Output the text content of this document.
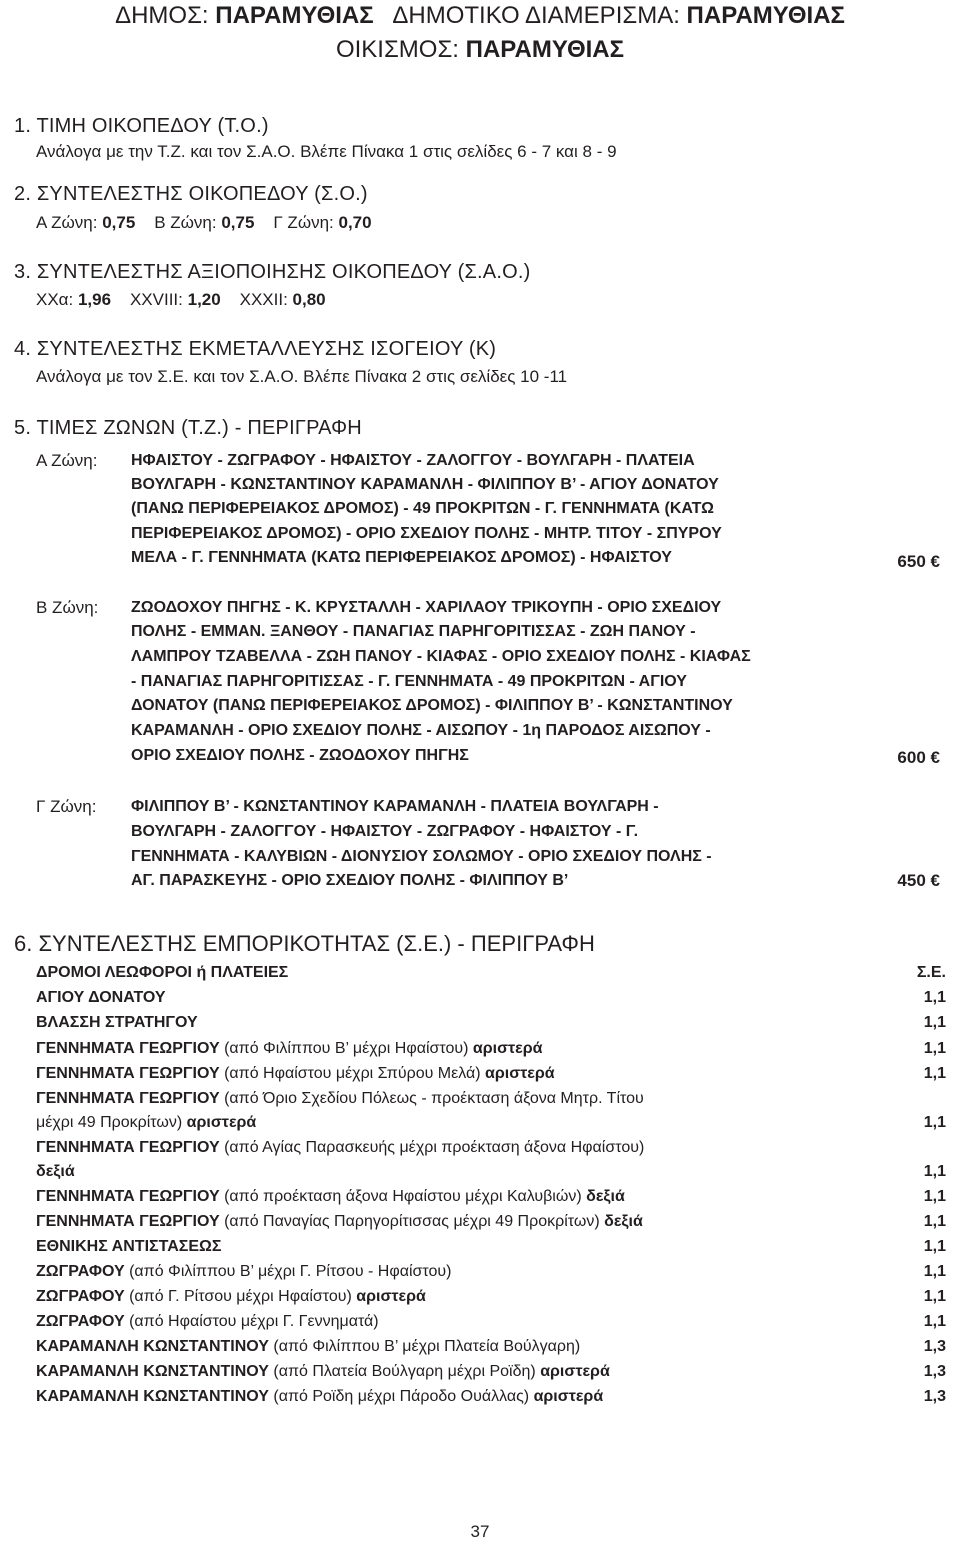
ΔΗΜΟΣ: ΠΑΡΑΜΥΘΙΑΣ ΔΗΜΟΤΙΚΟ ΔΙΑΜΕΡΙΣΜΑ: ΠΑΡΑΜΥΘΙΑΣ
ΟΙΚΙΣΜΟΣ: ΠΑΡΑΜΥΘΙΑΣ
1. ΤΙΜΗ ΟΙΚΟΠΕΔΟΥ (Τ.Ο.)
Ανάλογα με την Τ.Ζ. και τον Σ.Α.Ο. Βλέπε Πίνακα 1 στις σελίδες 6 - 7 και 8 - 9
2. ΣΥΝΤΕΛΕΣΤΗΣ ΟΙΚΟΠΕΔΟΥ (Σ.Ο.)
Α Ζώνη: 0,75 Β Ζώνη: 0,75 Γ Ζώνη: 0,70
3. ΣΥΝΤΕΛΕΣΤΗΣ ΑΞΙΟΠΟΙΗΣΗΣ ΟΙΚΟΠΕΔΟΥ (Σ.Α.Ο.)
XXα: 1,96 XXVIII: 1,20 XXXII: 0,80
4. ΣΥΝΤΕΛΕΣΤΗΣ ΕΚΜΕΤΑΛΛΕΥΣΗΣ ΙΣΟΓΕΙΟΥ (Κ)
Ανάλογα με τον Σ.Ε. και τον Σ.Α.Ο. Βλέπε Πίνακα 2 στις σελίδες 10 -11
5. ΤΙΜΕΣ ΖΩΝΩΝ (Τ.Ζ.) - ΠΕΡΙΓΡΑΦΗ
Α Ζώνη: ΗΦΑΙΣΤΟΥ - ΖΩΓΡΑΦΟΥ - ΗΦΑΙΣΤΟΥ - ΖΑΛΟΓΓΟΥ - ΒΟΥΛΓΑΡΗ - ΠΛΑΤΕΙΑ
ΒΟΥΛΓΑΡΗ - ΚΩΝΣΤΑΝΤΙΝΟΥ ΚΑΡΑΜΑΝΛΗ - ΦΙΛΙΠΠΟΥ Β’ - ΑΓΙΟΥ ΔΟΝΑΤΟΥ
(ΠΑΝΩ ΠΕΡΙΦΕΡΕΙΑΚΟΣ ΔΡΟΜΟΣ) - 49 ΠΡΟΚΡΙΤΩΝ - Γ. ΓΕΝΝΗΜΑΤΑ (ΚΑΤΩ
ΠΕΡΙΦΕΡΕΙΑΚΟΣ ΔΡΟΜΟΣ) - ΟΡΙΟ ΣΧΕΔΙΟΥ ΠΟΛΗΣ - ΜΗΤΡ. ΤΙΤΟΥ - ΣΠΥΡΟΥ
ΜΕΛΑ - Γ. ΓΕΝΝΗΜΑΤΑ (ΚΑΤΩ ΠΕΡΙΦΕΡΕΙΑΚΟΣ ΔΡΟΜΟΣ) - ΗΦΑΙΣΤΟΥ	650 €
Β Ζώνη: ΖΩΟΔΟΧΟΥ ΠΗΓΗΣ - Κ. ΚΡΥΣΤΑΛΛΗ - ΧΑΡΙΛΑΟΥ ΤΡΙΚΟΥΠΗ - ΟΡΙΟ ΣΧΕΔΙΟΥ
ΠΟΛΗΣ - ΕΜΜΑΝ. ΞΑΝΘΟΥ - ΠΑΝΑΓΙΑΣ ΠΑΡΗΓΟΡΙΤΙΣΣΑΣ - ΖΩΗ ΠΑΝΟΥ -
ΛΑΜΠΡΟΥ ΤΖΑΒΕΛΛΑ - ΖΩΗ ΠΑΝΟΥ - ΚΙΑΦΑΣ - ΟΡΙΟ ΣΧΕΔΙΟΥ ΠΟΛΗΣ - ΚΙΑΦΑΣ
- ΠΑΝΑΓΙΑΣ ΠΑΡΗΓΟΡΙΤΙΣΣΑΣ - Γ. ΓΕΝΝΗΜΑΤΑ - 49 ΠΡΟΚΡΙΤΩΝ - ΑΓΙΟΥ
ΔΟΝΑΤΟΥ (ΠΑΝΩ ΠΕΡΙΦΕΡΕΙΑΚΟΣ ΔΡΟΜΟΣ) - ΦΙΛΙΠΠΟΥ Β’ - ΚΩΝΣΤΑΝΤΙΝΟΥ
ΚΑΡΑΜΑΝΛΗ - ΟΡΙΟ ΣΧΕΔΙΟΥ ΠΟΛΗΣ - ΑΙΣΩΠΟΥ - 1η ΠΑΡΟΔΟΣ ΑΙΣΩΠΟΥ -
ΟΡΙΟ ΣΧΕΔΙΟΥ ΠΟΛΗΣ - ΖΩΟΔΟΧΟΥ ΠΗΓΗΣ	600 €
Γ Ζώνη: ΦΙΛΙΠΠΟΥ Β’ - ΚΩΝΣΤΑΝΤΙΝΟΥ ΚΑΡΑΜΑΝΛΗ - ΠΛΑΤΕΙΑ ΒΟΥΛΓΑΡΗ -
ΒΟΥΛΓΑΡΗ - ΖΑΛΟΓΓΟΥ - ΗΦΑΙΣΤΟΥ - ΖΩΓΡΑΦΟΥ - ΗΦΑΙΣΤΟΥ - Γ.
ΓΕΝΝΗΜΑΤΑ - ΚΑΛΥΒΙΩΝ - ΔΙΟΝΥΣΙΟΥ ΣΟΛΩΜΟΥ - ΟΡΙΟ ΣΧΕΔΙΟΥ ΠΟΛΗΣ -
ΑΓ. ΠΑΡΑΣΚΕΥΗΣ - ΟΡΙΟ ΣΧΕΔΙΟΥ ΠΟΛΗΣ - ΦΙΛΙΠΠΟΥ Β’	450 €
6. ΣΥΝΤΕΛΕΣΤΗΣ ΕΜΠΟΡΙΚΟΤΗΤΑΣ (Σ.Ε.) - ΠΕΡΙΓΡΑΦΗ
ΔΡΟΜΟΙ ΛΕΩΦΟΡΟΙ ή ΠΛΑΤΕΙΕΣ	Σ.Ε.
ΑΓΙΟΥ ΔΟΝΑΤΟΥ	1,1
ΒΛΑΣΣΗ ΣΤΡΑΤΗΓΟΥ	1,1
ΓΕΝΝΗΜΑΤΑ ΓΕΩΡΓΙΟΥ (από Φιλίππου Β’ μέχρι Ηφαίστου) αριστερά	1,1
ΓΕΝΝΗΜΑΤΑ ΓΕΩΡΓΙΟΥ (από Ηφαίστου μέχρι Σπύρου Μελά) αριστερά	1,1
ΓΕΝΝΗΜΑΤΑ ΓΕΩΡΓΙΟΥ (από Όριο Σχεδίου Πόλεως - προέκταση άξονα Μητρ. Τίτου
μέχρι 49 Προκρίτων) αριστερά	1,1
ΓΕΝΝΗΜΑΤΑ ΓΕΩΡΓΙΟΥ (από Αγίας Παρασκευής μέχρι προέκταση άξονα Ηφαίστου)
δεξιά	1,1
ΓΕΝΝΗΜΑΤΑ ΓΕΩΡΓΙΟΥ (από προέκταση άξονα Ηφαίστου μέχρι Καλυβιών) δεξιά	1,1
ΓΕΝΝΗΜΑΤΑ ΓΕΩΡΓΙΟΥ (από Παναγίας Παρηγορίτισσας μέχρι 49 Προκρίτων) δεξιά	1,1
ΕΘΝΙΚΗΣ ΑΝΤΙΣΤΑΣΕΩΣ	1,1
ΖΩΓΡΑΦΟΥ (από Φιλίππου Β’ μέχρι Γ. Ρίτσου - Ηφαίστου)	1,1
ΖΩΓΡΑΦΟΥ (από Γ. Ρίτσου μέχρι Ηφαίστου) αριστερά	1,1
ΖΩΓΡΑΦΟΥ (από Ηφαίστου μέχρι Γ. Γεννηματά)	1,1
ΚΑΡΑΜΑΝΛΗ ΚΩΝΣΤΑΝΤΙΝΟΥ (από Φιλίππου Β’ μέχρι Πλατεία Βούλγαρη)	1,3
ΚΑΡΑΜΑΝΛΗ ΚΩΝΣΤΑΝΤΙΝΟΥ (από Πλατεία Βούλγαρη μέχρι Ροϊδη) αριστερά	1,3
ΚΑΡΑΜΑΝΛΗ ΚΩΝΣΤΑΝΤΙΝΟΥ (από Ροϊδη μέχρι Πάροδο Ουάλλας) αριστερά	1,3
37
